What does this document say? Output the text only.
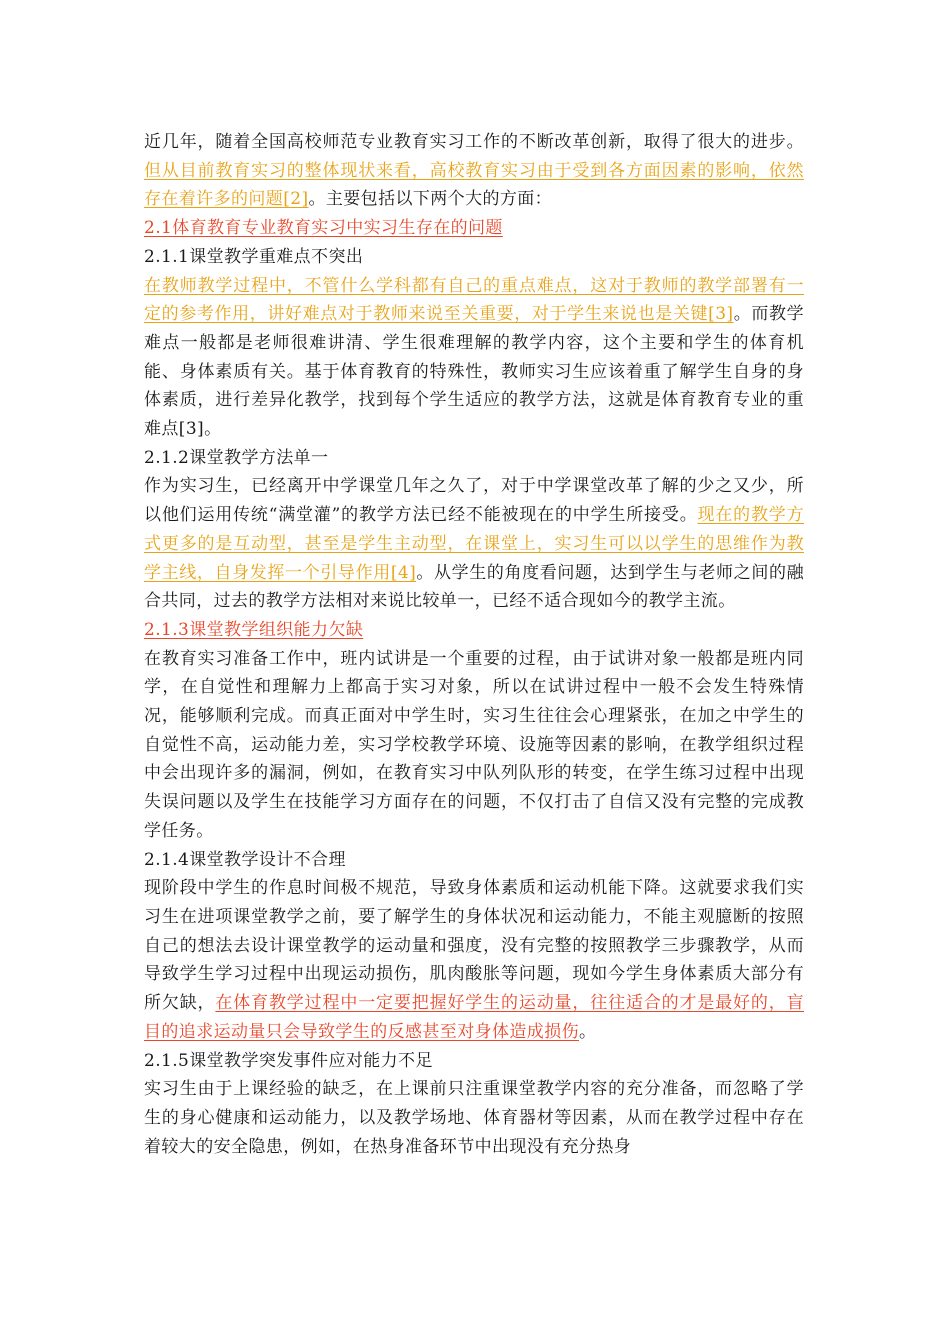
近几年，随着全国高校师范专业教育实习工作的不断改革创新，取得了很大的进步。但从目前教育实习的整体现状来看，高校教育实习由于受到各方面因素的影响，依然存在着许多的问题[2]。主要包括以下两个大的方面：

2.1体育教育专业教育实习中实习生存在的问题

2.1.1课堂教学重难点不突出

在教师教学过程中，不管什么学科都有自己的重点难点，这对于教师的教学部署有一定的参考作用，讲好难点对于教师来说至关重要，对于学生来说也是关键[3]。而教学难点一般都是老师很难讲清、学生很难理解的教学内容，这个主要和学生的体育机能、身体素质有关。基于体育教育的特殊性，教师实习生应该着重了解学生自身的身体素质，进行差异化教学，找到每个学生适应的教学方法，这就是体育教育专业的重难点[3]。

2.1.2课堂教学方法单一

作为实习生，已经离开中学课堂几年之久了，对于中学课堂改革了解的少之又少，所以他们运用传统“满堂灌”的教学方法已经不能被现在的中学生所接受。现在的教学方式更多的是互动型，甚至是学生主动型，在课堂上，实习生可以以学生的思维作为教学主线，自身发挥一个引导作用[4]。从学生的角度看问题，达到学生与老师之间的融合共同，过去的教学方法相对来说比较单一，已经不适合现如今的教学主流。

2.1.3课堂教学组织能力欠缺

在教育实习准备工作中，班内试讲是一个重要的过程，由于试讲对象一般都是班内同学，在自觉性和理解力上都高于实习对象，所以在试讲过程中一般不会发生特殊情况，能够顺利完成。而真正面对中学生时，实习生往往会心理紧张，在加之中学生的自觉性不高，运动能力差，实习学校教学环境、设施等因素的影响，在教学组织过程中会出现许多的漏洞，例如，在教育实习中队列队形的转变，在学生练习过程中出现失误问题以及学生在技能学习方面存在的问题，不仅打击了自信又没有完整的完成教学任务。

2.1.4课堂教学设计不合理

现阶段中学生的作息时间极不规范，导致身体素质和运动机能下降。这就要求我们实习生在进项课堂教学之前，要了解学生的身体状况和运动能力，不能主观臆断的按照自己的想法去设计课堂教学的运动量和强度，没有完整的按照教学三步骤教学，从而导致学生学习过程中出现运动损伤，肌肉酸胀等问题，现如今学生身体素质大部分有所欠缺，在体育教学过程中一定要把握好学生的运动量，往往适合的才是最好的，盲目的追求运动量只会导致学生的反感甚至对身体造成损伤。

2.1.5课堂教学突发事件应对能力不足

实习生由于上课经验的缺乏，在上课前只注重课堂教学内容的充分准备，而忽略了学生的身心健康和运动能力，以及教学场地、体育器材等因素，从而在教学过程中存在着较大的安全隐患，例如，在热身准备环节中出现没有充分热身
